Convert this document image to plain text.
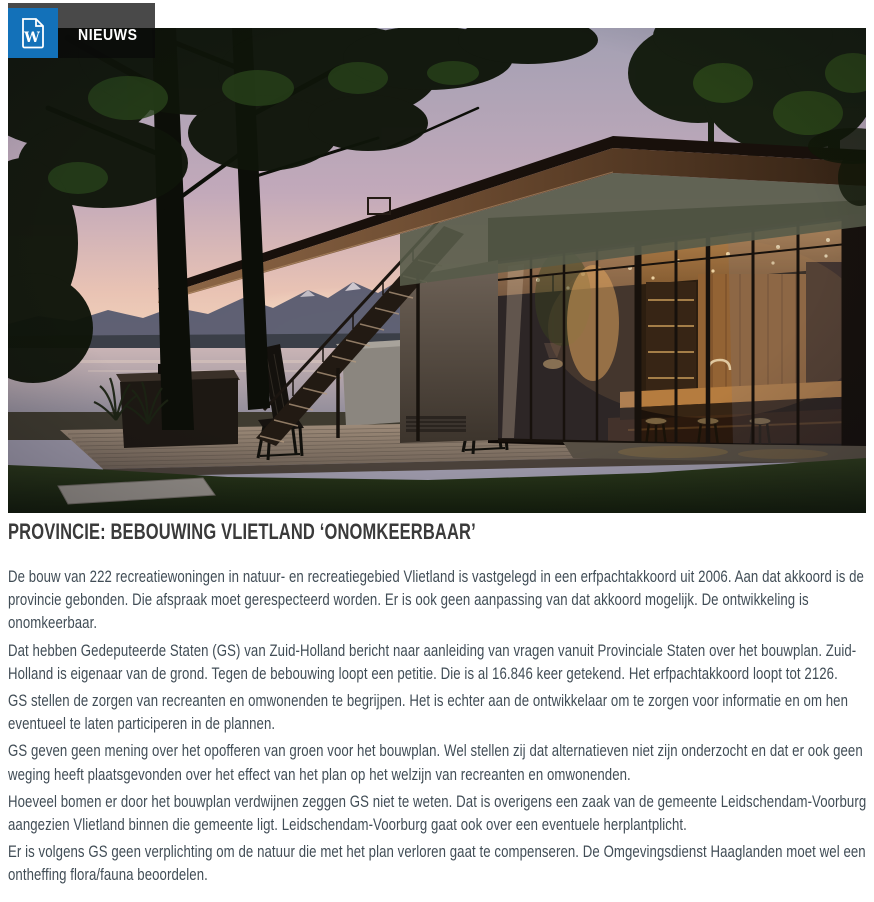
NIEUWS
W
PROVINCIE: BEBOUWING VLIETLAND ‘ONOMKEERBAAR’

De bouw van 222 recreatiewoningen in natuur- en recreatiegebied Vlietland is vastgelegd in een erfpachtakkoord uit 2006. Aan dat akkoord is de provincie gebonden. Die afspraak moet gerespecteerd worden. Er is ook geen aanpassing van dat akkoord mogelijk. De ontwikkeling is onomkeerbaar.

Dat hebben Gedeputeerde Staten (GS) van Zuid-Holland bericht naar aanleiding van vragen vanuit Provinciale Staten over het bouwplan. Zuid-Holland is eigenaar van de grond. Tegen de bebouwing loopt een petitie. Die is al 16.846 keer getekend. Het erfpachtakkoord loopt tot 2126.

GS stellen de zorgen van recreanten en omwonenden te begrijpen. Het is echter aan de ontwikkelaar om te zorgen voor informatie en om hen eventueel te laten participeren in de plannen.

GS geven geen mening over het opofferen van groen voor het bouwplan. Wel stellen zij dat alternatieven niet zijn onderzocht en dat er ook geen weging heeft plaatsgevonden over het effect van het plan op het welzijn van recreanten en omwonenden.

Hoeveel bomen er door het bouwplan verdwijnen zeggen GS niet te weten. Dat is overigens een zaak van de gemeente Leidschendam-Voorburg aangezien Vlietland binnen die gemeente ligt. Leidschendam-Voorburg gaat ook over een eventuele herplantplicht.

Er is volgens GS geen verplichting om de natuur die met het plan verloren gaat te compenseren. De Omgevingsdienst Haaglanden moet wel een ontheffing flora/fauna beoordelen.
